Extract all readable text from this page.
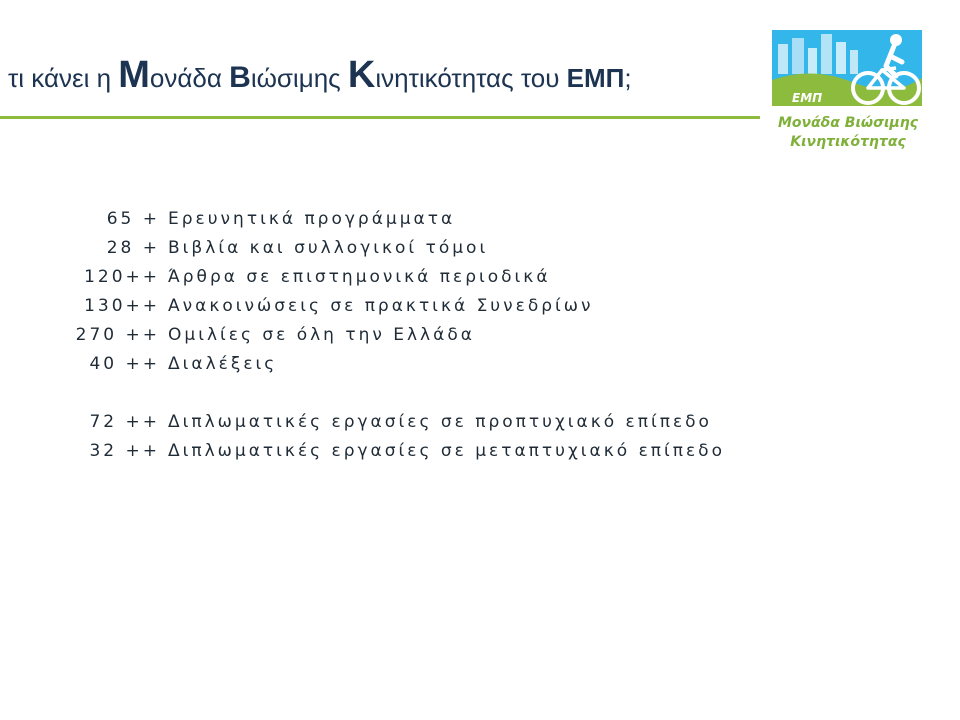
τι κάνει η Μονάδα Βιώσιμης Κινητικότητας του ΕΜΠ;
ΕΜΠ
Μονάδα Βιώσιμης
Κινητικότητας
65 + Ερευνητικά προγράμματα
28 + Βιβλία και συλλογικοί τόμοι
120++ Άρθρα σε επιστημονικά περιοδικά
130++ Ανακοινώσεις σε πρακτικά Συνεδρίων
270 ++ Ομιλίες σε όλη την Ελλάδα
40 ++ Διαλέξεις
72 ++ Διπλωματικές εργασίες σε προπτυχιακό επίπεδο
32 ++ Διπλωματικές εργασίες σε μεταπτυχιακό επίπεδο
